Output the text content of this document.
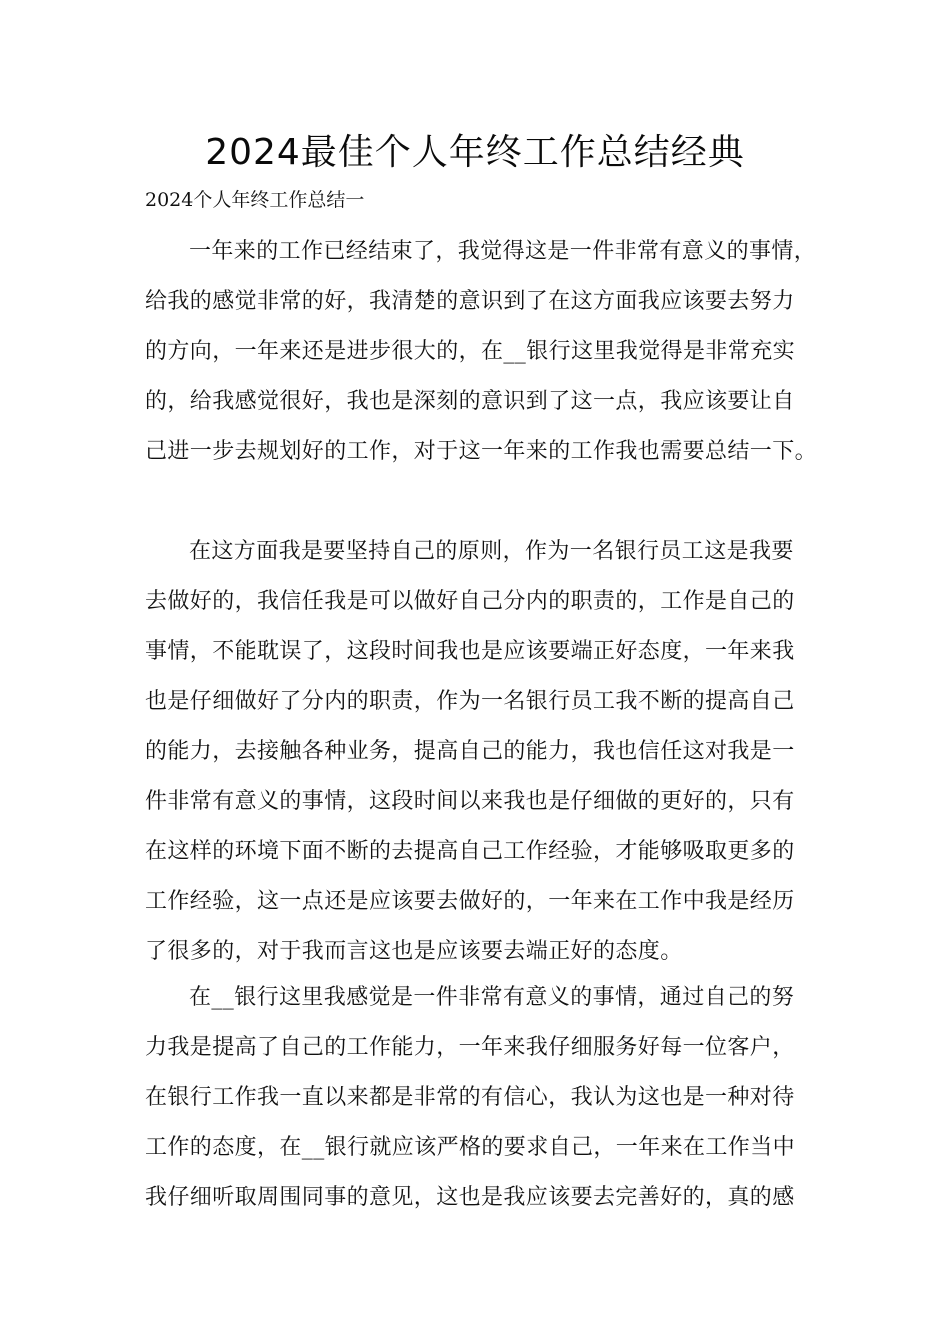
2024最佳个人年终工作总结经典

2024个人年终工作总结一

一年来的工作已经结束了，我觉得这是一件非常有意义的事情，
给我的感觉非常的好，我清楚的意识到了在这方面我应该要去努力
的方向，一年来还是进步很大的，在__银行这里我觉得是非常充实
的，给我感觉很好，我也是深刻的意识到了这一点，我应该要让自
己进一步去规划好的工作，对于这一年来的工作我也需要总结一下。
在这方面我是要坚持自己的原则，作为一名银行员工这是我要
去做好的，我信任我是可以做好自己分内的职责的，工作是自己的
事情，不能耽误了，这段时间我也是应该要端正好态度，一年来我
也是仔细做好了分内的职责，作为一名银行员工我不断的提高自己
的能力，去接触各种业务，提高自己的能力，我也信任这对我是一
件非常有意义的事情，这段时间以来我也是仔细做的更好的，只有
在这样的环境下面不断的去提高自己工作经验，才能够吸取更多的
工作经验，这一点还是应该要去做好的，一年来在工作中我是经历
了很多的，对于我而言这也是应该要去端正好的态度。
在__银行这里我感觉是一件非常有意义的事情，通过自己的努
力我是提高了自己的工作能力，一年来我仔细服务好每一位客户，
在银行工作我一直以来都是非常的有信心，我认为这也是一种对待
工作的态度，在__银行就应该严格的要求自己，一年来在工作当中
我仔细听取周围同事的意见，这也是我应该要去完善好的，真的感
